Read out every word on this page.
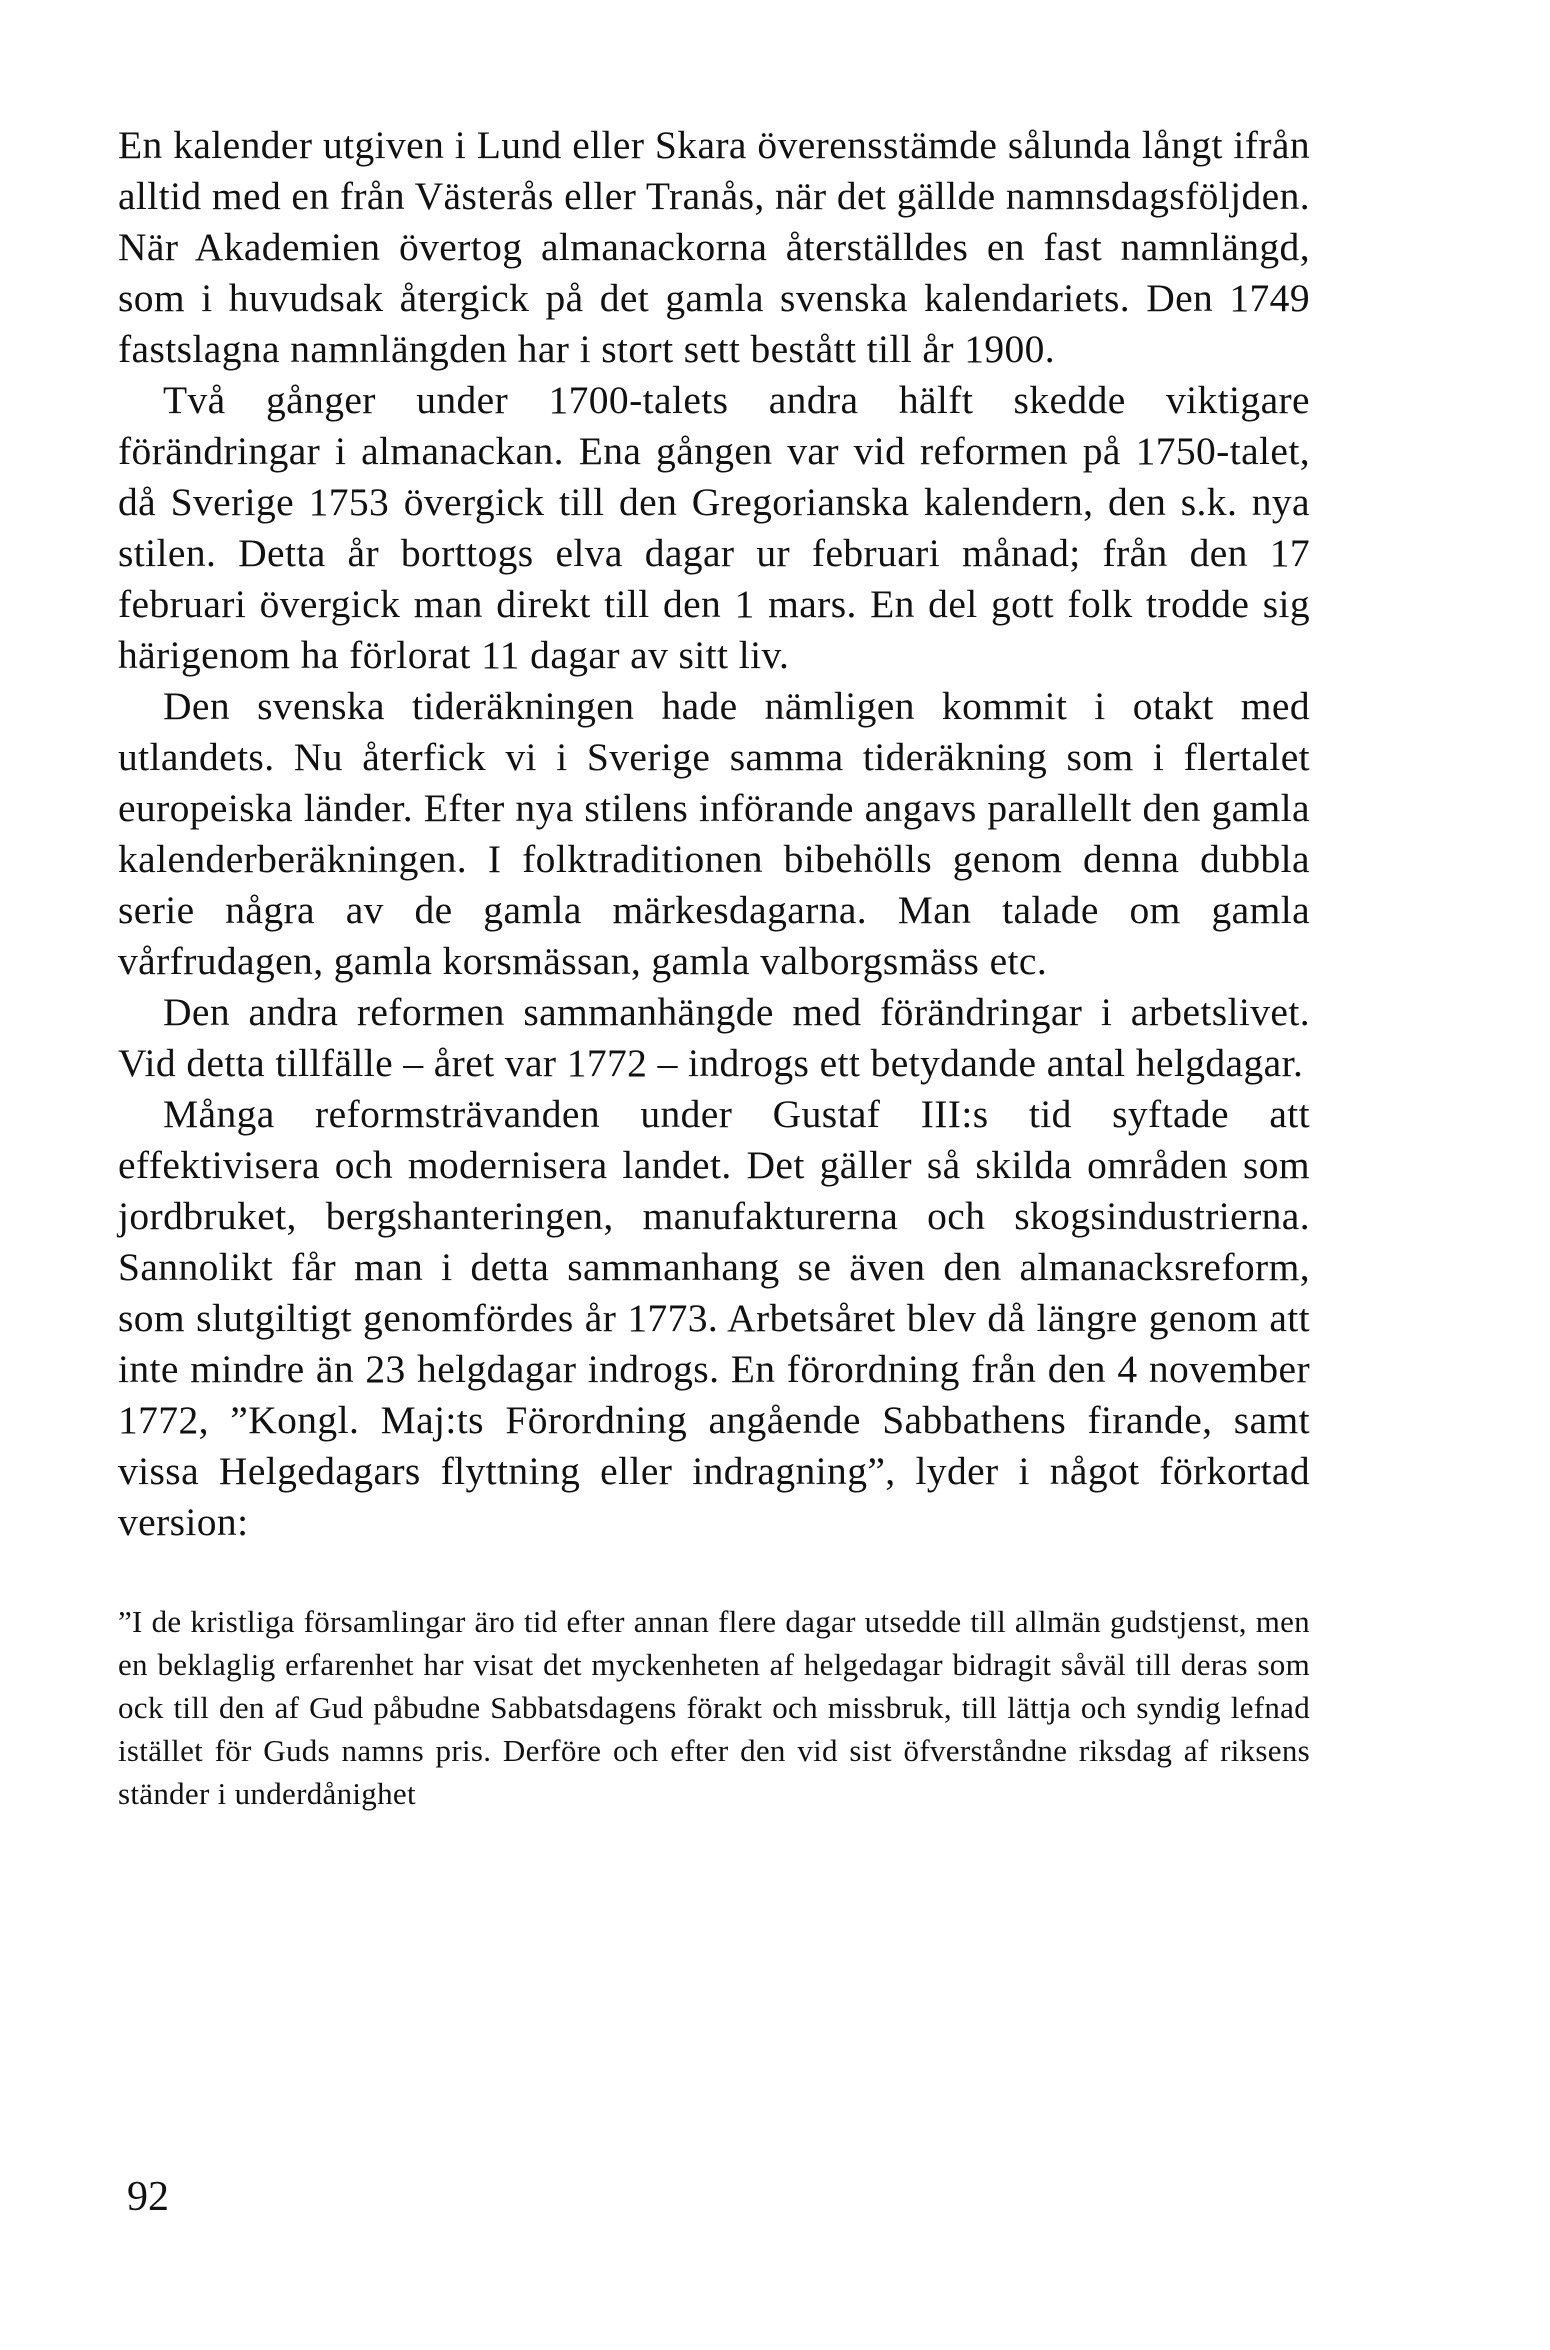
En kalender utgiven i Lund eller Skara överensstämde sålunda långt ifrån alltid med en från Västerås eller Tranås, när det gällde namnsdagsföljden. När Akademien övertog almanackorna återställdes en fast namnlängd, som i huvudsak återgick på det gamla svenska kalendariets. Den 1749 fastslagna namnlängden har i stort sett bestått till år 1900.

Två gånger under 1700-talets andra hälft skedde viktigare förändringar i almanackan. Ena gången var vid reformen på 1750-talet, då Sverige 1753 övergick till den Gregorianska kalendern, den s.k. nya stilen. Detta år borttogs elva dagar ur februari månad; från den 17 februari övergick man direkt till den 1 mars. En del gott folk trodde sig härigenom ha förlorat 11 dagar av sitt liv.

Den svenska tideräkningen hade nämligen kommit i otakt med utlandets. Nu återfick vi i Sverige samma tideräkning som i flertalet europeiska länder. Efter nya stilens införande angavs parallellt den gamla kalenderberäkningen. I folktraditionen bibehölls genom denna dubbla serie några av de gamla märkesdagarna. Man talade om gamla vårfrudagen, gamla korsmässan, gamla valborgsmäss etc.

Den andra reformen sammanhängde med förändringar i arbetslivet. Vid detta tillfälle – året var 1772 – indrogs ett betydande antal helgdagar.

Många reformsträvanden under Gustaf III:s tid syftade att effektivisera och modernisera landet. Det gäller så skilda områden som jordbruket, bergshanteringen, manufakturerna och skogsindustrierna. Sannolikt får man i detta sammanhang se även den almanacksreform, som slutgiltigt genomfördes år 1773. Arbetsåret blev då längre genom att inte mindre än 23 helgdagar indrogs. En förordning från den 4 november 1772, ”Kongl. Maj:ts Förordning angående Sabbathens firande, samt vissa Helgedagars flyttning eller indragning”, lyder i något förkortad version:

”I de kristliga församlingar äro tid efter annan flere dagar utsedde till allmän gudstjenst, men en beklaglig erfarenhet har visat det myckenheten af helgedagar bidragit såväl till deras som ock till den af Gud påbudne Sabbatsdagens förakt och missbruk, till lättja och syndig lefnad istället för Guds namns pris. Derföre och efter den vid sist öfverståndne riksdag af riksens ständer i underdånighet

92
